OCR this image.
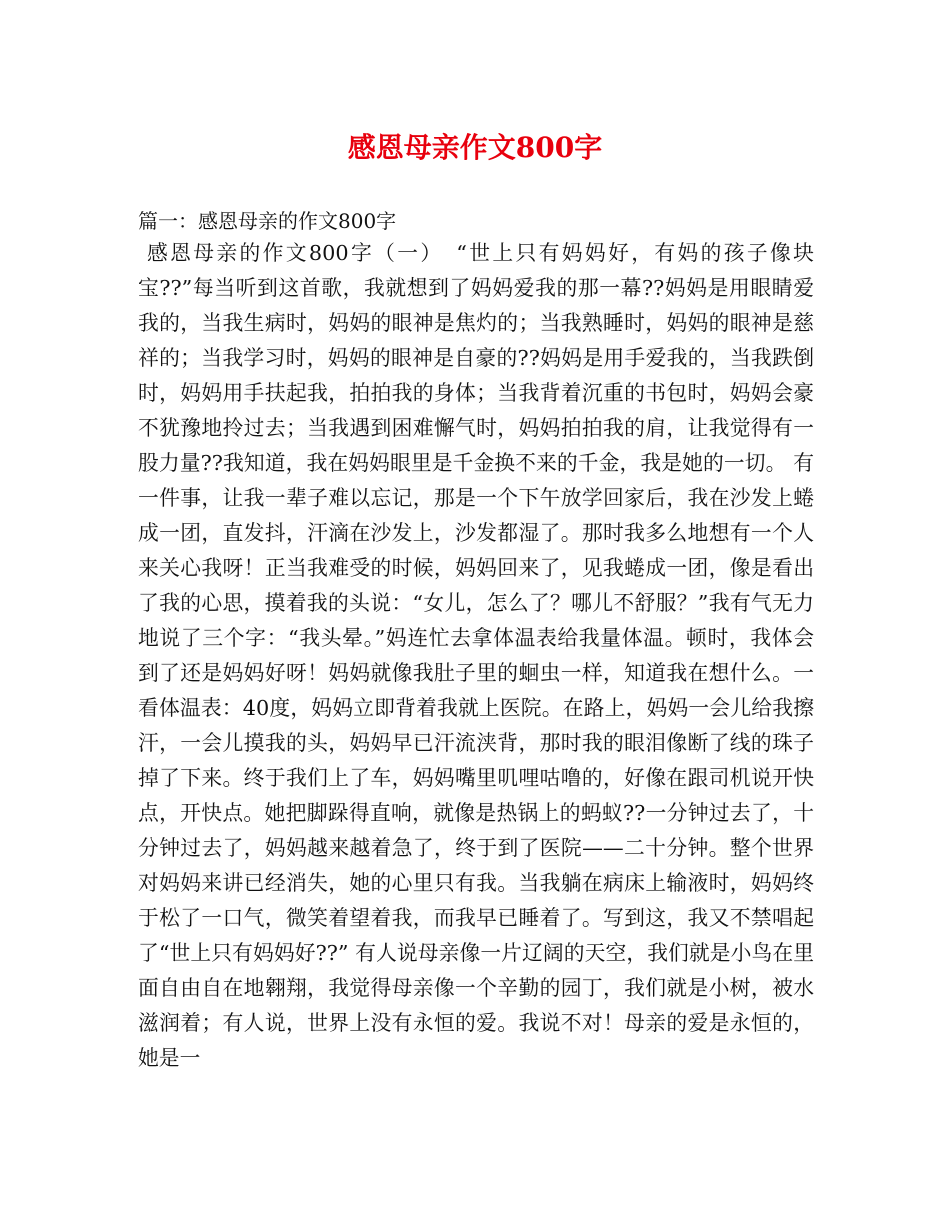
感恩母亲作文800字

篇一：感恩母亲的作文800字

感恩母亲的作文800字（一）　“世上只有妈妈好，有妈的孩子像块宝??”每当听到这首歌，我就想到了妈妈爱我的那一幕??妈妈是用眼睛爱我的，当我生病时，妈妈的眼神是焦灼的；当我熟睡时，妈妈的眼神是慈祥的；当我学习时，妈妈的眼神是自豪的??妈妈是用手爱我的，当我跌倒时，妈妈用手扶起我，拍拍我的身体；当我背着沉重的书包时，妈妈会豪不犹豫地拎过去；当我遇到困难懈气时，妈妈拍拍我的肩，让我觉得有一股力量??我知道，我在妈妈眼里是千金换不来的千金，我是她的一切。 有一件事，让我一辈子难以忘记，那是一个下午放学回家后，我在沙发上蜷成一团，直发抖，汗滴在沙发上，沙发都湿了。那时我多么地想有一个人来关心我呀！正当我难受的时候，妈妈回来了，见我蜷成一团，像是看出了我的心思，摸着我的头说：“女儿，怎么了？哪儿不舒服？”我有气无力地说了三个字：“我头晕。”妈连忙去拿体温表给我量体温。顿时，我体会到了还是妈妈好呀！妈妈就像我肚子里的蛔虫一样，知道我在想什么。一看体温表：40度，妈妈立即背着我就上医院。在路上，妈妈一会儿给我擦汗，一会儿摸我的头，妈妈早已汗流浃背，那时我的眼泪像断了线的珠子掉了下来。终于我们上了车，妈妈嘴里叽哩咕噜的，好像在跟司机说开快点，开快点。她把脚跺得直响，就像是热锅上的蚂蚁??一分钟过去了，十分钟过去了，妈妈越来越着急了，终于到了医院——二十分钟。整个世界对妈妈来讲已经消失，她的心里只有我。当我躺在病床上输液时，妈妈终于松了一口气，微笑着望着我，而我早已睡着了。写到这，我又不禁唱起了“世上只有妈妈好??” 有人说母亲像一片辽阔的天空，我们就是小鸟在里面自由自在地翱翔，我觉得母亲像一个辛勤的园丁，我们就是小树，被水滋润着；有人说，世界上没有永恒的爱。我说不对！母亲的爱是永恒的，她是一
